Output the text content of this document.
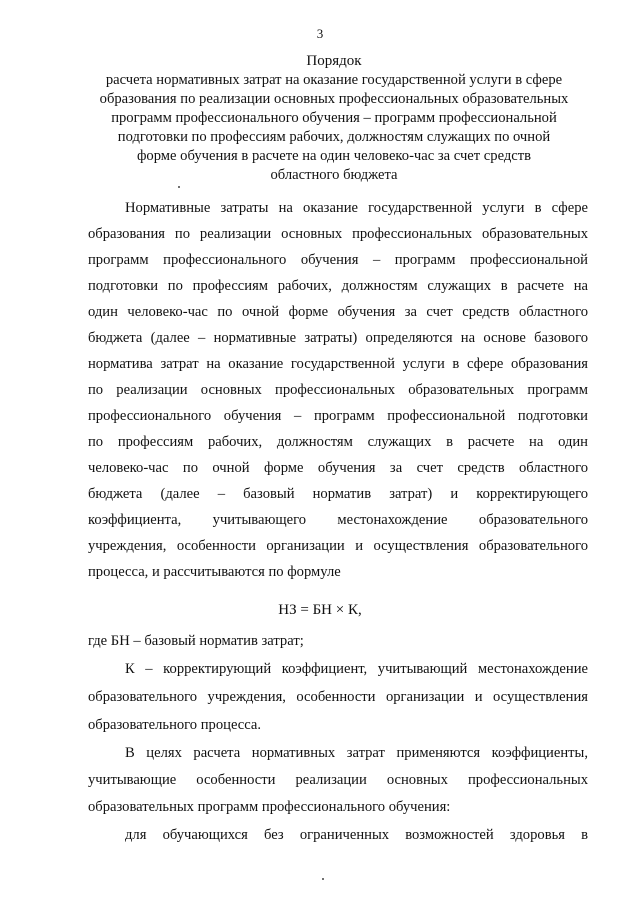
3
Порядок
расчета нормативных затрат на оказание государственной услуги в сфере
образования по реализации основных профессиональных образовательных
программ профессионального обучения – программ профессиональной
подготовки по профессиям рабочих, должностям служащих по очной
форме обучения в расчете на один человеко-час за счет средств
областного бюджета
Нормативные затраты на оказание государственной услуги в сфере
образования по реализации основных профессиональных образовательных
программ профессионального обучения – программ профессиональной
подготовки по профессиям рабочих, должностям служащих в расчете на
один человеко-час по очной форме обучения за счет средств областного
бюджета (далее – нормативные затраты) определяются на основе базового
норматива затрат на оказание государственной услуги в сфере образования
по реализации основных профессиональных образовательных программ
профессионального обучения – программ профессиональной подготовки
по профессиям рабочих, должностям служащих в расчете на один
человеко-час по очной форме обучения за счет средств областного
бюджета (далее – базовый норматив затрат) и корректирующего
коэффициента, учитывающего местонахождение образовательного
учреждения, особенности организации и осуществления образовательного
процесса, и рассчитываются по формуле
НЗ = БН × К,
где БН – базовый норматив затрат;
К – корректирующий коэффициент, учитывающий местонахождение
образовательного учреждения, особенности организации и осуществления
образовательного процесса.
В целях расчета нормативных затрат применяются коэффициенты,
учитывающие особенности реализации основных профессиональных
образовательных программ профессионального обучения:
для обучающихся без ограниченных возможностей здоровья в
